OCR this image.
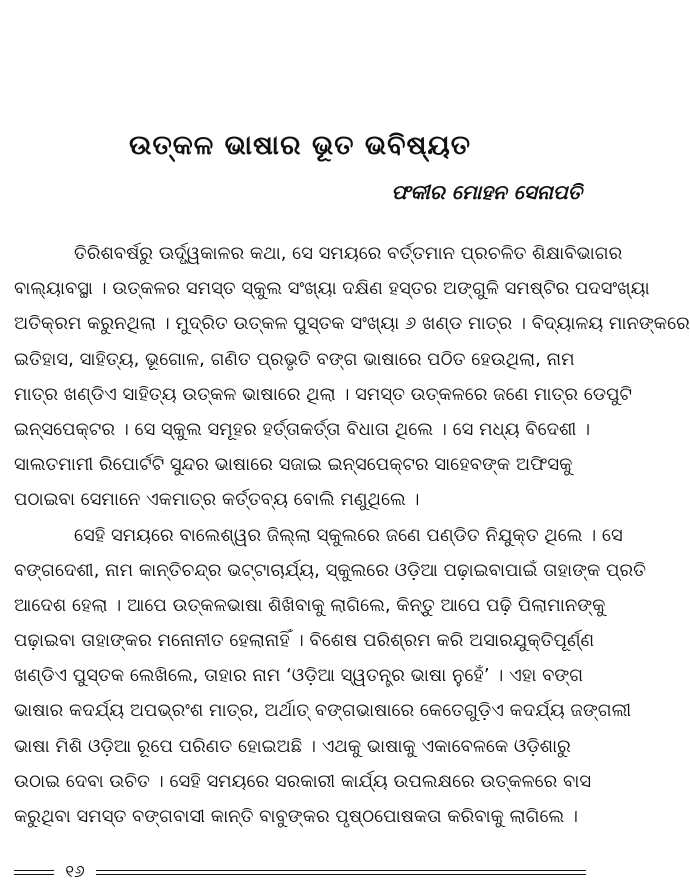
ଉତ୍କଳ ଭାଷାର ଭୂତ ଭବିଷ୍ୟତ
ଫକୀର ମୋହନ ସେନାପତି
ତିରିଶବର୍ଷରୁ ଊର୍ଦ୍ଧ୍ୱକାଳର କଥା, ସେ ସମୟରେ ବର୍ତ୍ତମାନ ପ୍ରଚଳିତ ଶିକ୍ଷାବିଭାଗର
ବାଲ୍ୟାବସ୍ଥା । ଉତ୍କଳର ସମସ୍ତ ସ୍କୁଲ ସଂଖ୍ୟା ଦକ୍ଷିଣ ହସ୍ତର ଅଙ୍ଗୁଳି ସମଷ୍ଟିର ପଦସଂଖ୍ୟା
ଅତିକ୍ରମ କରୁନଥିଲା । ମୁଦ୍ରିତ ଉତ୍କଳ ପୁସ୍ତକ ସଂଖ୍ୟା ୬ ଖଣ୍ଡ ମାତ୍ର । ବିଦ୍ୟାଳୟ ମାନଙ୍କରେ
ଇତିହାସ, ସାହିତ୍ୟ, ଭୂଗୋଳ, ଗଣିତ ପ୍ରଭୃତି ବଙ୍ଗ ଭାଷାରେ ପଠିତ ହେଉଥିଲା, ନାମ
ମାତ୍ର ଖଣ୍ଡିଏ ସାହିତ୍ୟ ଉତ୍କଳ ଭାଷାରେ ଥିଲା । ସମସ୍ତ ଉତ୍କଳରେ ଜଣେ ମାତ୍ର ଡେପୁଟି
ଇନ୍‌ସପେକ୍ଟର । ସେ ସ୍କୁଲ ସମୂହର ହର୍ତ୍ତାକର୍ତ୍ତା ବିଧାତା ଥିଲେ । ସେ ମଧ୍ୟ ବିଦେଶୀ ।
ସାଲତମାମୀ ରିପୋର୍ଟଟି ସୁନ୍ଦର ଭାଷାରେ ସଜାଇ ଇନ୍‌ସପେକ୍ଟର ସାହେବଙ୍କ ଅଫିସକୁ
ପଠାଇବା ସେମାନେ ଏକମାତ୍ର କର୍ତ୍ତବ୍ୟ ବୋଲି ମଣୁଥିଲେ ।
ସେହି ସମୟରେ ବାଲେଶ୍ୱର ଜିଲ୍ଲା ସ୍କୁଲରେ ଜଣେ ପଣ୍ଡିତ ନିଯୁକ୍ତ ଥିଲେ । ସେ
ବଙ୍ଗଦେଶୀ, ନାମ କାନ୍ତିଚନ୍ଦ୍ର ଭଟ୍ଟାଚାର୍ଯ୍ୟ, ସ୍କୁଲରେ ଓଡ଼ିଆ ପଢ଼ାଇବାପାଇଁ ତାହାଙ୍କ ପ୍ରତି
ଆଦେଶ ହେଲା । ଆପେ ଉତ୍କଳଭାଷା ଶିଖିବାକୁ ଲାଗିଲେ, କିନ୍ତୁ ଆପେ ପଢ଼ି ପିଲାମାନଙ୍କୁ
ପଢ଼ାଇବା ତାହାଙ୍କର ମନୋନୀତ ହେଲାନାହିଁ । ବିଶେଷ ପରିଶ୍ରମ କରି ଅସାରଯୁକ୍ତିପୂର୍ଣ୍ଣ
ଖଣ୍ଡିଏ ପୁସ୍ତକ ଲେଖିଲେ, ତାହାର ନାମ ‘ଓଡ଼ିଆ ସ୍ୱତନ୍ତ୍ର ଭାଷା ନୁହେଁ’ । ଏହା ବଙ୍ଗ
ଭାଷାର କଦର୍ଯ୍ୟ ଅପଭ୍ରଂଶ ମାତ୍ର, ଅର୍ଥାତ୍ ବଙ୍ଗଭାଷାରେ କେତେଗୁଡ଼ିଏ କଦର୍ଯ୍ୟ ଜଙ୍ଗଲୀ
ଭାଷା ମିଶି ଓଡ଼ିଆ ରୂପେ ପରିଣତ ହୋଇଅଛି । ଏଥକୁ ଭାଷାକୁ ଏକାବେଳକେ ଓଡ଼ିଶାରୁ
ଉଠାଇ ଦେବା ଉଚିତ । ସେହି ସମୟରେ ସରକାରୀ କାର୍ଯ୍ୟ ଉପଲକ୍ଷରେ ଉତ୍କଳରେ ବାସ
କରୁଥିବା ସମସ୍ତ ବଙ୍ଗବାସୀ କାନ୍ତି ବାବୁଙ୍କର ପୃଷ୍ଠପୋଷକତା କରିବାକୁ ଲାଗିଲେ ।
୧୬
